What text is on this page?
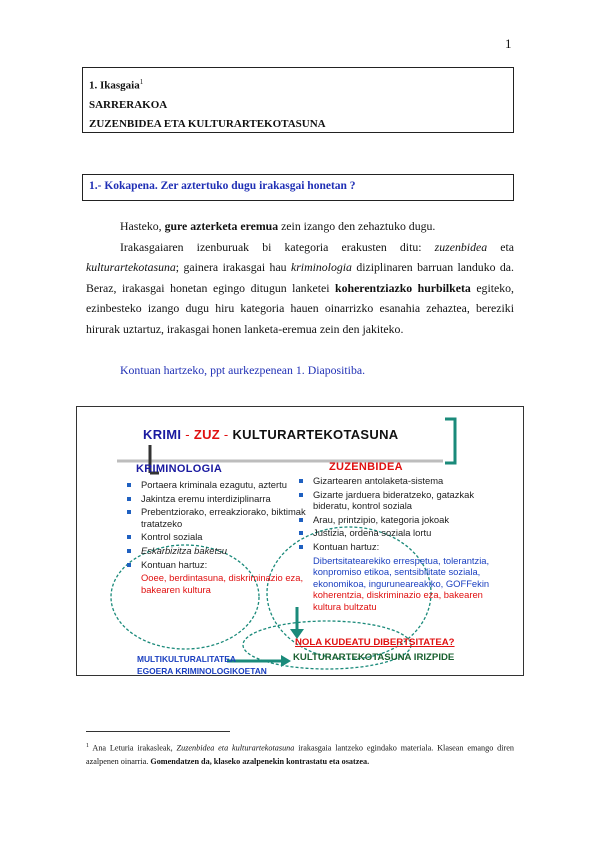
1
1. Ikasgaia$^1$
SARRERAKOA
ZUZENBIDEA ETA KULTURARTEKOTASUNA
1.- Kokapena. Zer aztertuko dugu irakasgai honetan ?

Hasteko, gure azterketa eremua zein izango den zehaztuko dugu.

Irakasgaiaren izenburuak bi kategoria erakusten ditu: zuzenbidea eta kulturartekotasuna; gainera irakasgai hau kriminologia diziplinaren barruan landuko da. Beraz, irakasgai honetan egingo ditugun lanketei koherentziazko hurbilketa egiteko, ezinbesteko izango dugu hiru kategoria hauen oinarrizko esanahia zehaztea, bereziki hirurak uztartuz, irakasgai honen lanketa-eremua zein den jakiteko.

Kontuan hartzeko, ppt aurkezpenean 1. Diapositiba.
KRIMI - ZUZ - KULTURARTEKOTASUNA
KRIMINOLOGIA	ZUZENBIDEA
Portaera kriminala ezagutu, aztertu
Jakintza eremu interdiziplinarra
Prebentziorako, erreakziorako, biktimak tratatzeko
Kontrol soziala
Eskarbizitza baketsu
Kontuan hartuz:
Ooee, berdintasuna, diskriminazio eza, bakearen kultura
Gizartearen antolaketa-sistema
Gizarte jarduera bideratzeko, gatazkak bideratu, kontrol soziala
Arau, printzipio, kategoria jokoak
Justizia, ordena soziala lortu
Kontuan hartuz:
Dibertsitatearekiko errespetua, tolerantzia, konpromiso etikoa, sentsibilitate soziala, ekonomikoa, inguruneareakiko, GOFFekin
koherentzia, diskriminazio eza, bakearen kultura bultzatu
MULTIKULTURALITATEA
EGOERA KRIMINOLOGIKOETAN
NOLA KUDEATU DIBERTSITATEA?
KULTURARTEKOTASUNA IRIZPIDE
$^1$ Ana Leturia irakasleak, Zuzenbidea eta kulturartekotasuna irakasgaia lantzeko egindako materiala. Klasean emango diren azalpenen oinarria. Gomendatzen da, klaseko azalpenekin kontrastatu eta osatzea.
